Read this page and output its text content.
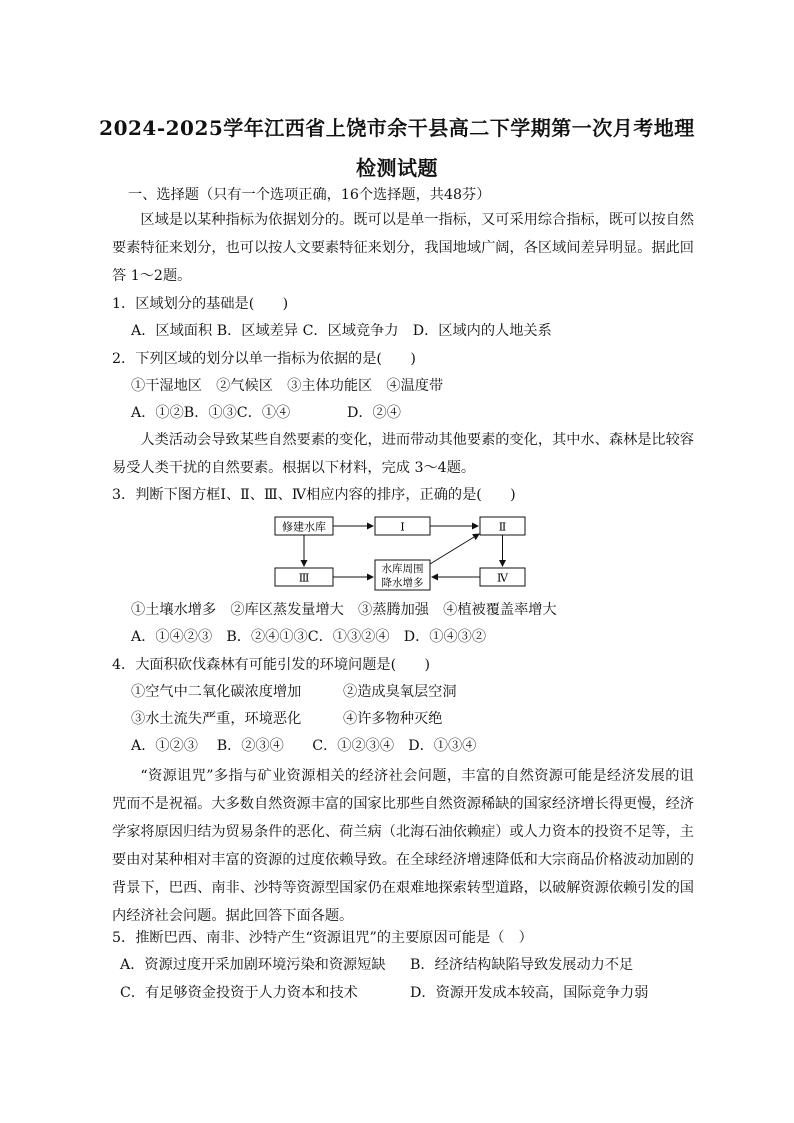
2024-2025学年江西省上饶市余干县高二下学期第一次月考地理
检测试题
一、选择题（只有一个选项正确，16个选择题，共48芬）
区域是以某种指标为依据划分的。既可以是单一指标，又可采用综合指标，既可以按自然要素特征来划分，也可以按人文要素特征来划分，我国地域广阔，各区域间差异明显。据此回答 1～2题。
1．区域划分的基础是(　　)
A．区域面积 B．区域差异 C．区域竞争力　D．区域内的人地关系
2．下列区域的划分以单一指标为依据的是(　　)
①干湿地区　②气候区　③主体功能区　④温度带
A．①②B．①③C．①④　　　　D．②④
人类活动会导致某些自然要素的变化，进而带动其他要素的变化，其中水、森林是比较容易受人类干扰的自然要素。根据以下材料，完成 3～4题。
3．判断下图方框Ⅰ、Ⅱ、Ⅲ、Ⅳ相应内容的排序，正确的是(　　)
修建水库	Ⅰ	Ⅱ
Ⅲ
水库周围
降水增多	Ⅳ
①土壤水增多　②库区蒸发量增大　③蒸腾加强　④植被覆盖率增大
A．①④②③　B．②④①③C．①③②④　D．①④③②
4．大面积砍伐森林有可能引发的环境问题是(　　)
①空气中二氧化碳浓度增加	②造成臭氧层空洞
③水土流失严重，环境恶化	④许多物种灭绝
A．①②③　 B．②③④　　C．①②③④　D．①③④
“资源诅咒”多指与矿业资源相关的经济社会问题，丰富的自然资源可能是经济发展的诅咒而不是祝福。大多数自然资源丰富的国家比那些自然资源稀缺的国家经济增长得更慢，经济学家将原因归结为贸易条件的恶化、荷兰病（北海石油依赖症）或人力资本的投资不足等，主要由对某种相对丰富的资源的过度依赖导致。在全球经济增速降低和大宗商品价格波动加剧的背景下，巴西、南非、沙特等资源型国家仍在艰难地探索转型道路，以破解资源依赖引发的国内经济社会问题。据此回答下面各题。
5．推断巴西、南非、沙特产生“资源诅咒”的主要原因可能是（　）
A．资源过度开采加剧环境污染和资源短缺 B．经济结构缺陷导致发展动力不足
C．有足够资金投资于人力资本和技术	D．资源开发成本较高，国际竞争力弱
